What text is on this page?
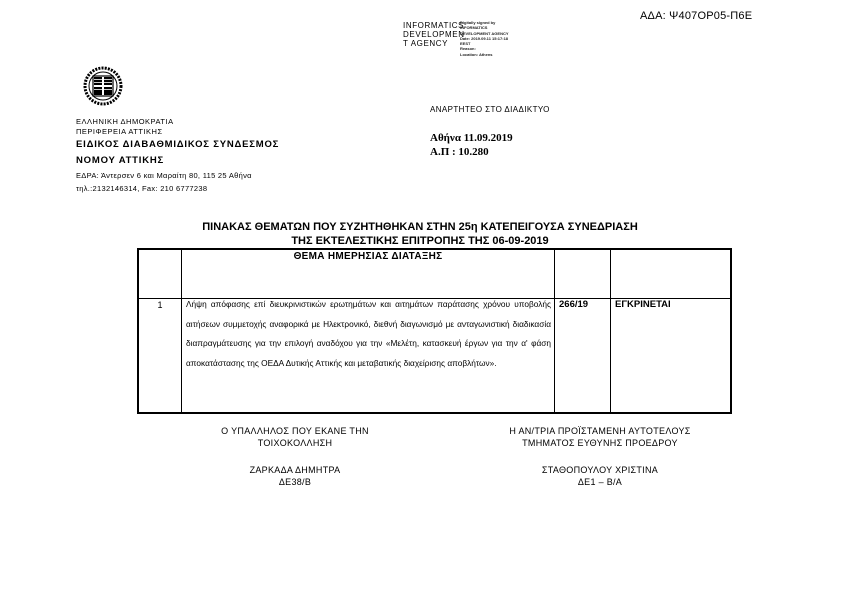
ΑΔΑ: Ψ407ΟΡ05-Π6Ε
INFORMATICS
DEVELOPMEN
T AGENCY
Digitally signed by
INFORMATICS
DEVELOPMENT AGENCY
Date: 2019.09.11 15:17:18
EEST
Reason:
Location: Athens
ΕΛΛΗΝΙΚΗ ΔΗΜΟΚΡΑΤΙΑ
ΠΕΡΙΦΕΡΕΙΑ ΑΤΤΙΚΗΣ
ΕΙΔΙΚΟΣ ΔΙΑΒΑΘΜΙΔΙΚΟΣ ΣΥΝΔΕΣΜΟΣ
ΝΟΜΟΥ ΑΤΤΙΚΗΣ
ΕΔΡΑ: Άντερσεν 6 και Μαραίτη 80, 115 25 Αθήνα
τηλ.:2132146314, Fax: 210 6777238
ΑΝΑΡΤΗΤΕΟ ΣΤΟ ΔΙΑΔΙΚΤΥΟ
Αθήνα 11.09.2019
Α.Π : 10.280
ΠΙΝΑΚΑΣ ΘΕΜΑΤΩΝ ΠΟΥ ΣΥΖΗΤΗΘΗΚΑΝ ΣΤΗΝ 25η ΚΑΤΕΠΕΙΓΟΥΣΑ ΣΥΝΕΔΡΙΑΣΗ
ΤΗΣ ΕΚΤΕΛΕΣΤΙΚΗΣ ΕΠΙΤΡΟΠΗΣ ΤΗΣ 06-09-2019

	ΘΕΜΑ ΗΜΕΡΗΣΙΑΣ ΔΙΑΤΑΞΗΣ		

1	Λήψη απόφασης επί διευκρινιστικών ερωτημάτων και αιτημάτων παράτασης χρόνου υποβολής αιτήσεων συμμετοχής αναφορικά με Ηλεκτρονικό, διεθνή διαγωνισμό με ανταγωνιστική διαδικασία διαπραγμάτευσης για την επιλογή αναδόχου για την «Μελέτη, κατασκευή έργων για την α' φάση αποκατάστασης της ΟΕΔΑ Δυτικής Αττικής και μεταβατικής διαχείρισης αποβλήτων».	266/19	ΕΓΚΡΙΝΕΤΑΙ
Ο ΥΠΑΛΛΗΛΟΣ ΠΟΥ ΕΚΑΝΕ ΤΗΝ
ΤΟΙΧΟΚΟΛΛΗΣΗ
ΖΑΡΚΑΔΑ ΔΗΜΗΤΡΑ
ΔΕ38/Β
Η ΑΝ/ΤΡΙΑ ΠΡΟΪΣΤΑΜΕΝΗ ΑΥΤΟΤΕΛΟΥΣ
ΤΜΗΜΑΤΟΣ ΕΥΘΥΝΗΣ ΠΡΟΕΔΡΟΥ
ΣΤΑΘΟΠΟΥΛΟΥ ΧΡΙΣΤΙΝΑ
ΔΕ1 – Β/Α
